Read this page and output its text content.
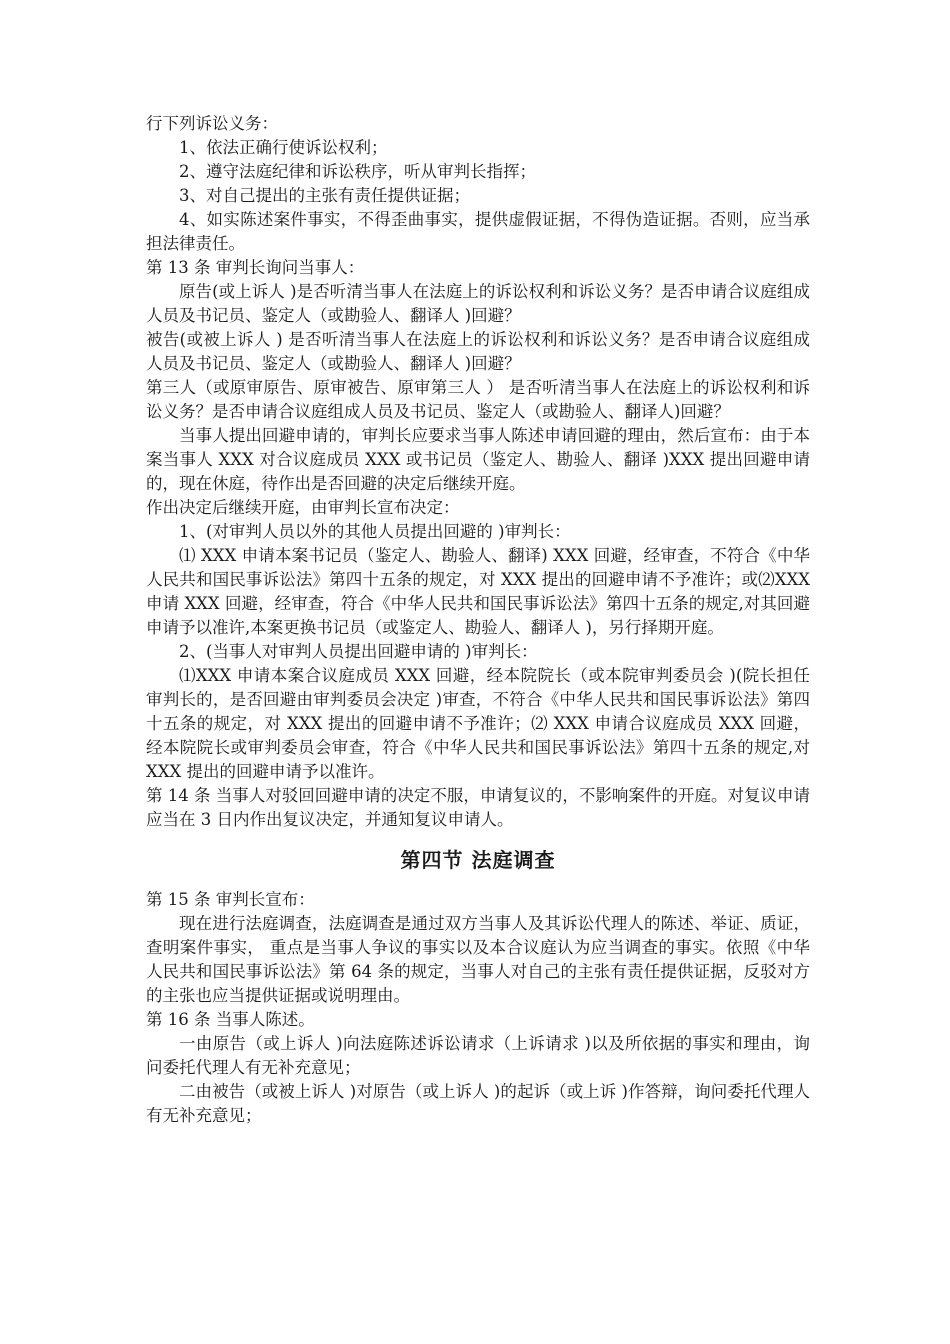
行下列诉讼义务：

1、依法正确行使诉讼权利；

2、遵守法庭纪律和诉讼秩序，听从审判长指挥；

3、对自己提出的主张有责任提供证据；

4、如实陈述案件事实，不得歪曲事实，提供虚假证据，不得伪造证据。否则，应当承担法律责任。

第 13 条 审判长询问当事人：

原告(或上诉人 )是否听清当事人在法庭上的诉讼权利和诉讼义务？是否申请合议庭组成人员及书记员、鉴定人（或勘验人、翻译人 )回避？

被告(或被上诉人 ) 是否听清当事人在法庭上的诉讼权利和诉讼义务？是否申请合议庭组成人员及书记员、鉴定人（或勘验人、翻译人 )回避？

第三人（或原审原告、原审被告、原审第三人 ） 是否听清当事人在法庭上的诉讼权利和诉讼义务？是否申请合议庭组成人员及书记员、鉴定人（或勘验人、翻译人)回避？

当事人提出回避申请的，审判长应要求当事人陈述申请回避的理由，然后宣布：由于本案当事人 XXX 对合议庭成员 XXX 或书记员（鉴定人、勘验人、翻译 )XXX 提出回避申请的，现在休庭，待作出是否回避的决定后继续开庭。

作出决定后继续开庭，由审判长宣布决定：

1、(对审判人员以外的其他人员提出回避的 )审判长：

⑴ XXX 申请本案书记员（鉴定人、勘验人、翻译) XXX 回避，经审查，不符合《中华人民共和国民事诉讼法》第四十五条的规定，对 XXX 提出的回避申请不予准许；或⑵XXX 申请 XXX 回避，经审查，符合《中华人民共和国民事诉讼法》第四十五条的规定,对其回避申请予以准许,本案更换书记员（或鉴定人、勘验人、翻译人 )，另行择期开庭。

2、(当事人对审判人员提出回避申请的 )审判长：

⑴XXX 申请本案合议庭成员 XXX 回避，经本院院长（或本院审判委员会 )(院长担任审判长的，是否回避由审判委员会决定 )审查，不符合《中华人民共和国民事诉讼法》第四十五条的规定，对 XXX 提出的回避申请不予准许；⑵ XXX 申请合议庭成员 XXX 回避，经本院院长或审判委员会审查，符合《中华人民共和国民事诉讼法》第四十五条的规定,对 XXX 提出的回避申请予以准许。

第 14 条 当事人对驳回回避申请的决定不服，申请复议的，不影响案件的开庭。对复议申请应当在 3 日内作出复议决定，并通知复议申请人。

第四节 法庭调查

第 15 条 审判长宣布：

现在进行法庭调查，法庭调查是通过双方当事人及其诉讼代理人的陈述、举证、质证，查明案件事实， 重点是当事人争议的事实以及本合议庭认为应当调查的事实。依照《中华人民共和国民事诉讼法》第 64 条的规定，当事人对自己的主张有责任提供证据，反驳对方的主张也应当提供证据或说明理由。

第 16 条 当事人陈述。

一由原告（或上诉人 )向法庭陈述诉讼请求（上诉请求 )以及所依据的事实和理由，询问委托代理人有无补充意见；

二由被告（或被上诉人 )对原告（或上诉人 )的起诉（或上诉 )作答辩，询问委托代理人有无补充意见；
